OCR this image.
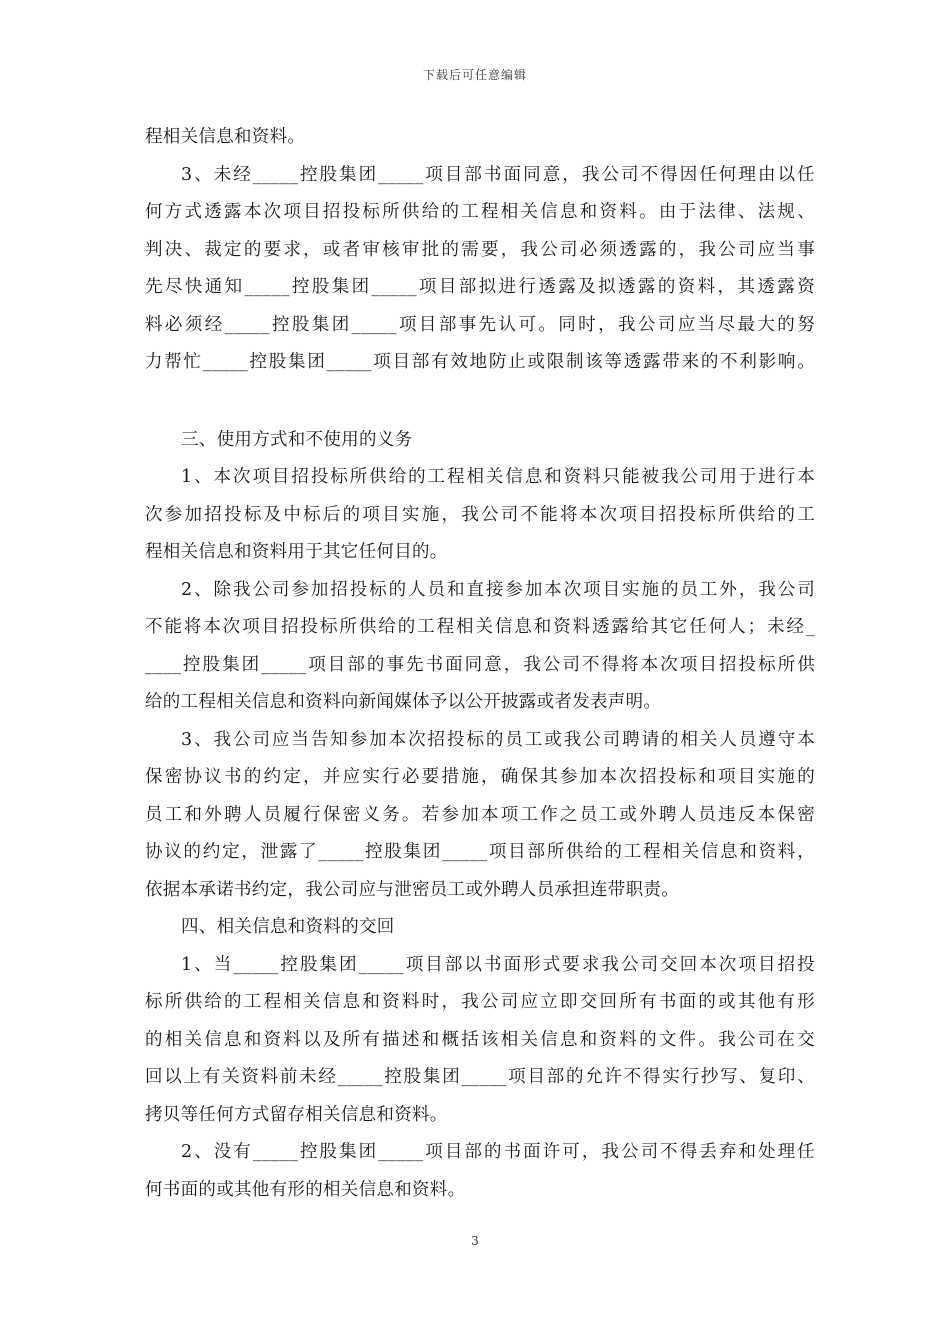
下载后可任意编辑
程相关信息和资料。
3、未经_____控股集团_____项目部书面同意，我公司不得因任何理由以任
何方式透露本次项目招投标所供给的工程相关信息和资料。由于法律、法规、
判决、裁定的要求，或者审核审批的需要，我公司必须透露的，我公司应当事
先尽快通知_____控股集团_____项目部拟进行透露及拟透露的资料，其透露资
料必须经_____控股集团_____项目部事先认可。同时，我公司应当尽最大的努
力帮忙_____控股集团_____项目部有效地防止或限制该等透露带来的不利影响。
三、使用方式和不使用的义务
1、本次项目招投标所供给的工程相关信息和资料只能被我公司用于进行本
次参加招投标及中标后的项目实施，我公司不能将本次项目招投标所供给的工
程相关信息和资料用于其它任何目的。
2、除我公司参加招投标的人员和直接参加本次项目实施的员工外，我公司
不能将本次项目招投标所供给的工程相关信息和资料透露给其它任何人；未经_
____控股集团_____项目部的事先书面同意，我公司不得将本次项目招投标所供
给的工程相关信息和资料向新闻媒体予以公开披露或者发表声明。
3、我公司应当告知参加本次招投标的员工或我公司聘请的相关人员遵守本
保密协议书的约定，并应实行必要措施，确保其参加本次招投标和项目实施的
员工和外聘人员履行保密义务。若参加本项工作之员工或外聘人员违反本保密
协议的约定，泄露了_____控股集团_____项目部所供给的工程相关信息和资料，
依据本承诺书约定，我公司应与泄密员工或外聘人员承担连带职责。
四、相关信息和资料的交回
1、当_____控股集团_____项目部以书面形式要求我公司交回本次项目招投
标所供给的工程相关信息和资料时，我公司应立即交回所有书面的或其他有形
的相关信息和资料以及所有描述和概括该相关信息和资料的文件。我公司在交
回以上有关资料前未经_____控股集团_____项目部的允许不得实行抄写、复印、
拷贝等任何方式留存相关信息和资料。
2、没有_____控股集团_____项目部的书面许可，我公司不得丢弃和处理任
何书面的或其他有形的相关信息和资料。
3
